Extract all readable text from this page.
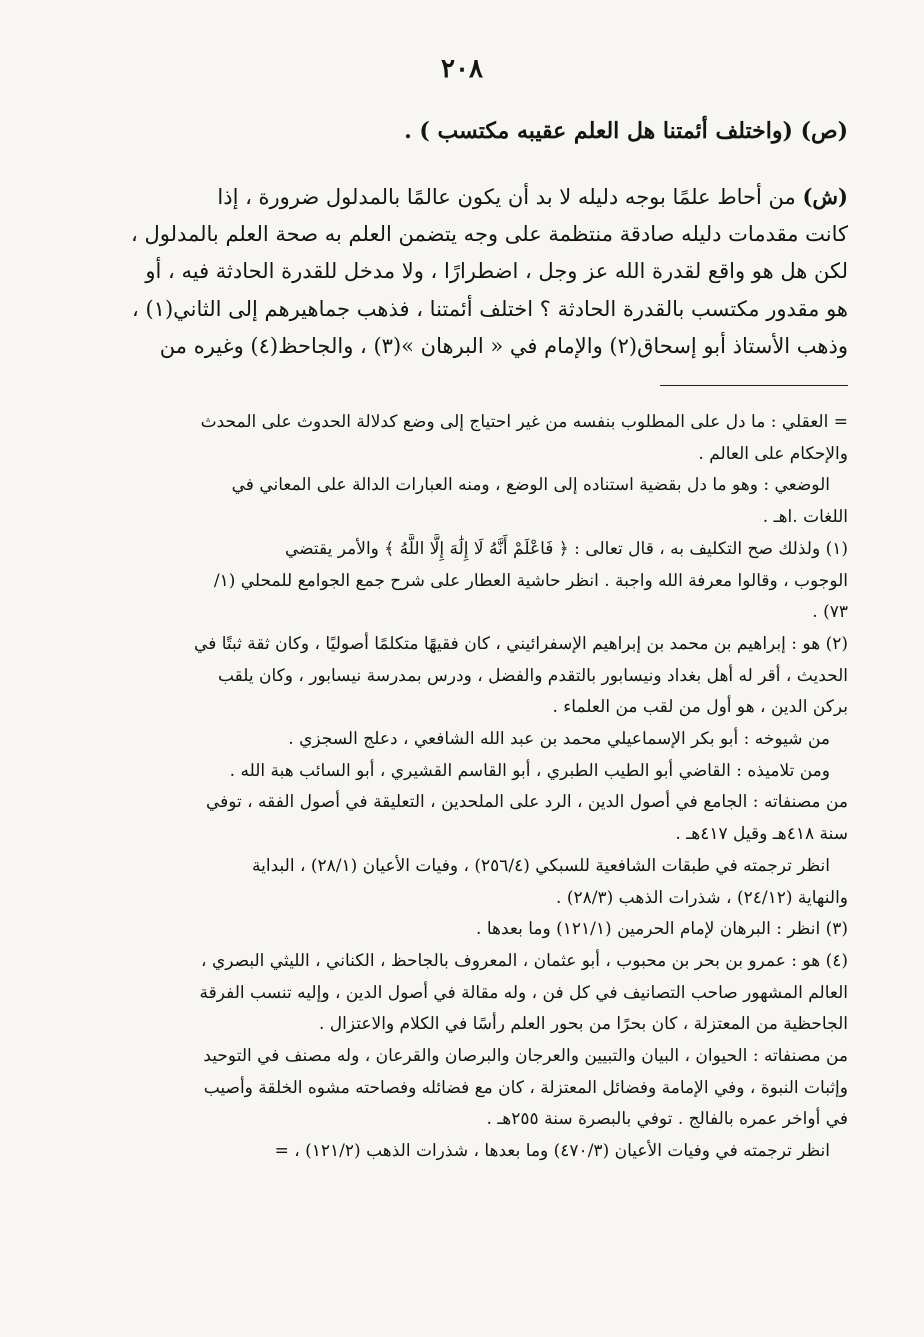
٢٠٨
(ص) (واختلف أئمتنا هل العلم عقيبه مكتسب ) .
(ش) من أحاط علمًا بوجه دليله لا بد أن يكون عالمًا بالمدلول ضرورة ، إذا
كانت مقدمات دليله صادقة منتظمة على وجه يتضمن العلم به صحة العلم بالمدلول ،
لكن هل هو واقع لقدرة الله عز وجل ، اضطرارًا ، ولا مدخل للقدرة الحادثة فيه ، أو
هو مقدور مكتسب بالقدرة الحادثة ؟ اختلف أئمتنا ، فذهب جماهيرهم إلى الثاني(١) ،
وذهب الأستاذ أبو إسحاق(٢) والإمام في « البرهان »(٣) ، والجاحظ(٤) وغيره من
= العقلي : ما دل على المطلوب بنفسه من غير احتياج إلى وضع كدلالة الحدوث على المحدث
والإحكام على العالم .
الوضعي : وهو ما دل بقضية استناده إلى الوضع ، ومنه العبارات الدالة على المعاني في
اللغات .اهـ .
(١) ولذلك صح التكليف به ، قال تعالى : ﴿ فَاعْلَمْ أَنَّهُ لَا إِلَٰهَ إِلَّا اللَّهُ ﴾ والأمر يقتضي
الوجوب ، وقالوا معرفة الله واجبة . انظر حاشية العطار على شرح جمع الجوامع للمحلي (١/
٧٣) .
(٢) هو : إبراهيم بن محمد بن إبراهيم الإسفرائيني ، كان فقيهًا متكلمًا أصوليًا ، وكان ثقة ثبتًا في
الحديث ، أقر له أهل بغداد ونيسابور بالتقدم والفضل ، ودرس بمدرسة نيسابور ، وكان يلقب
بركن الدين ، هو أول من لقب من العلماء .
من شيوخه : أبو بكر الإسماعيلي محمد بن عبد الله الشافعي ، دعلج السجزي .
ومن تلاميذه : القاضي أبو الطيب الطبري ، أبو القاسم القشيري ، أبو السائب هبة الله .
من مصنفاته : الجامع في أصول الدين ، الرد على الملحدين ، التعليقة في أصول الفقه ، توفي
سنة ٤١٨هـ وقيل ٤١٧هـ .
انظر ترجمته في طبقات الشافعية للسبكي (٢٥٦/٤) ، وفيات الأعيان (٢٨/١) ، البداية
والنهاية (٢٤/١٢) ، شذرات الذهب (٢٨/٣) .
(٣) انظر : البرهان لإمام الحرمين (١٢١/١) وما بعدها .
(٤) هو : عمرو بن بحر بن محبوب ، أبو عثمان ، المعروف بالجاحظ ، الكناني ، الليثي البصري ،
العالم المشهور صاحب التصانيف في كل فن ، وله مقالة في أصول الدين ، وإليه تنسب الفرقة
الجاحظية من المعتزلة ، كان بحرًا من بحور العلم رأسًا في الكلام والاعتزال .
من مصنفاته : الحيوان ، البيان والتبيين والعرجان والبرصان والقرعان ، وله مصنف في التوحيد
وإثبات النبوة ، وفي الإمامة وفضائل المعتزلة ، كان مع فضائله وفصاحته مشوه الخلقة وأصيب
في أواخر عمره بالفالج . توفي بالبصرة سنة ٢٥٥هـ .
انظر ترجمته في وفيات الأعيان (٤٧٠/٣) وما بعدها ، شذرات الذهب (١٢١/٢) ، =
